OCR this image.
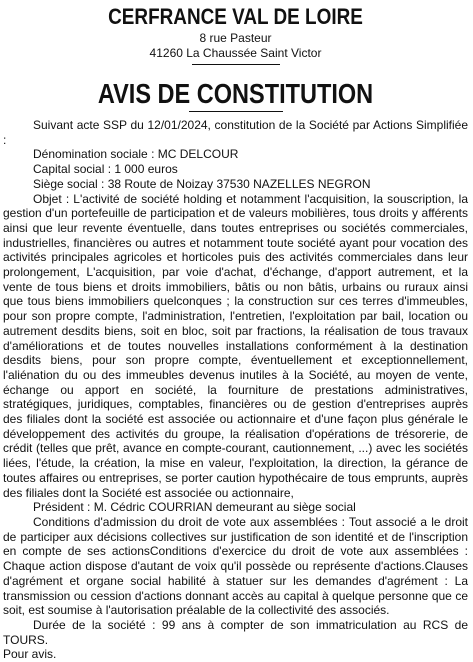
CERFRANCE VAL DE LOIRE
8 rue Pasteur
41260 La Chaussée Saint Victor
AVIS DE CONSTITUTION

Suivant acte SSP du 12/01/2024, constitution de la Société par Actions Simplifiée :

Dénomination sociale : MC DELCOUR

Capital social : 1 000 euros

Siège social : 38 Route de Noizay 37530 NAZELLES NEGRON

Objet : L'activité de société holding et notamment l'acquisition, la souscription, la gestion d'un portefeuille de participation et de valeurs mobilières, tous droits y afférents ainsi que leur revente éventuelle, dans toutes entreprises ou sociétés commerciales, industrielles, financières ou autres et notamment toute société ayant pour vocation des activités principales agricoles et horticoles puis des activités commerciales dans leur prolongement, L'acquisition, par voie d'achat, d'échange, d'apport autrement, et la vente de tous biens et droits immobiliers, bâtis ou non bâtis, urbains ou ruraux ainsi que tous biens immobiliers quelconques ; la construction sur ces terres d'immeubles, pour son propre compte, l'administration, l'entretien, l'exploitation par bail, location ou autrement desdits biens, soit en bloc, soit par fractions, la réalisation de tous travaux d'améliorations et de toutes nouvelles installations conformément à la destination desdits biens, pour son propre compte, éventuellement et exceptionnellement, l'aliénation du ou des immeubles devenus inutiles à la Société, au moyen de vente, échange ou apport en société, la fourniture de prestations administratives, stratégiques, juridiques, comptables, financières ou de gestion d'entreprises auprès des filiales dont la société est associée ou actionnaire et d'une façon plus générale le développement des activités du groupe, la réalisation d'opérations de trésorerie, de crédit (telles que prêt, avance en compte-courant, cautionnement, ...) avec les sociétés liées, l'étude, la création, la mise en valeur, l'exploitation, la direction, la gérance de toutes affaires ou entreprises, se porter caution hypothécaire de tous emprunts, auprès des filiales dont la Société est associée ou actionnaire,

Président : M. Cédric COURRIAN demeurant au siège social

Conditions d'admission du droit de vote aux assemblées : Tout associé a le droit de participer aux décisions collectives sur justification de son identité et de l'inscription en compte de ses actionsConditions d'exercice du droit de vote aux assemblées : Chaque action dispose d'autant de voix qu'il possède ou représente d'actions.Clauses d'agrément et organe social habilité à statuer sur les demandes d'agrément : La transmission ou cession d'actions donnant accès au capital à quelque personne que ce soit, est soumise à l'autorisation préalable de la collectivité des associés.

Durée de la société : 99 ans à compter de son immatriculation au RCS de TOURS.

Pour avis.
